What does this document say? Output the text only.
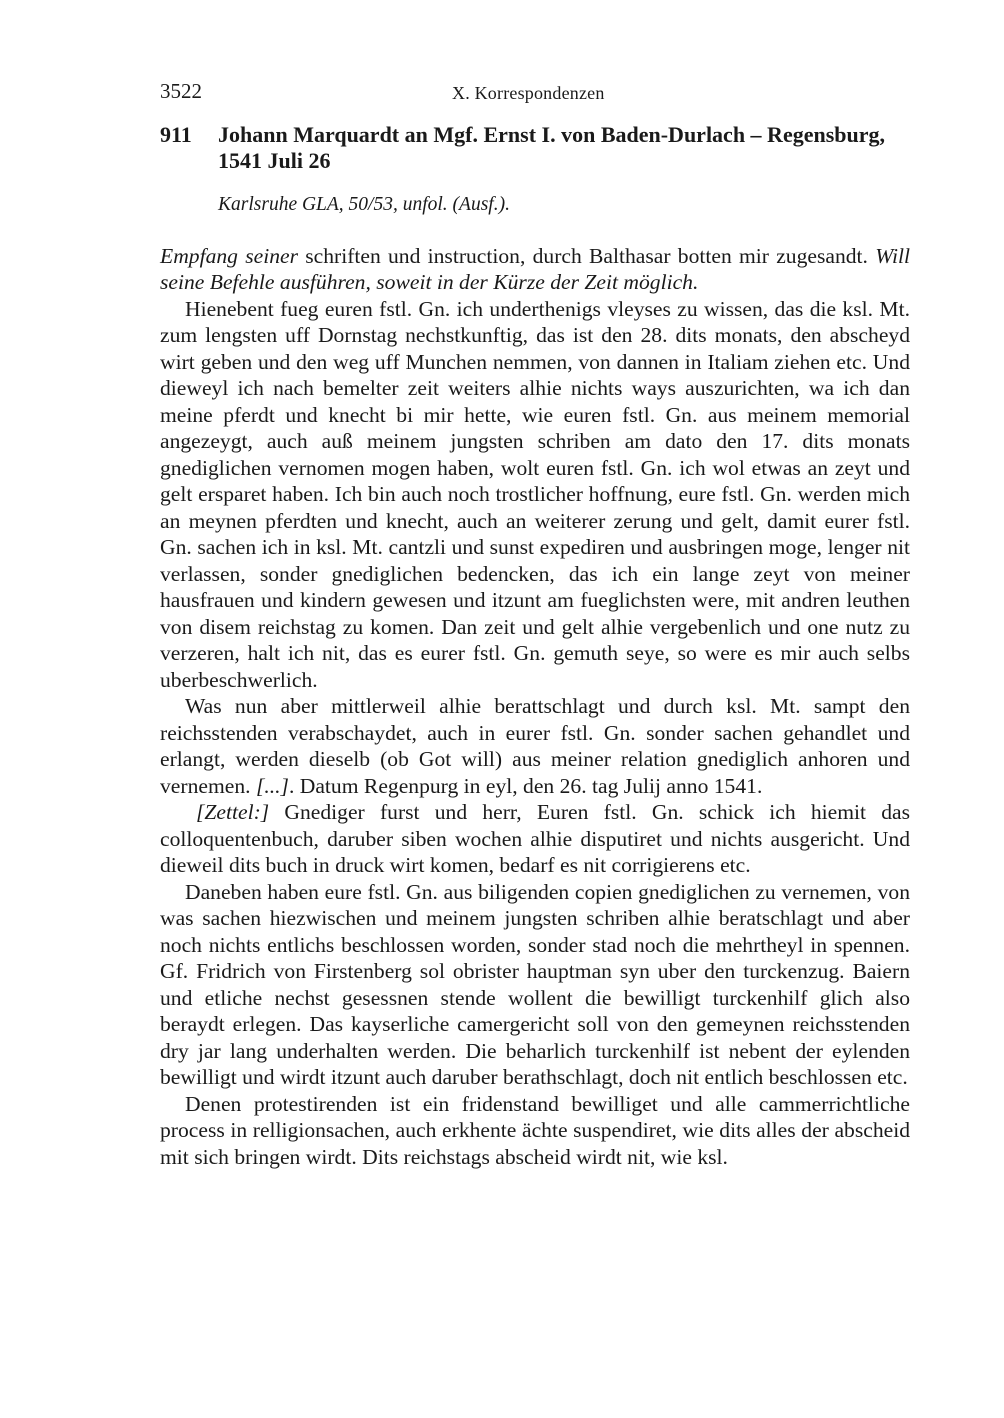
3522	X. Korrespondenzen
911	Johann Marquardt an Mgf. Ernst I. von Baden-Durlach – Regensburg, 1541 Juli 26
Karlsruhe GLA, 50/53, unfol. (Ausf.).

Empfang seiner schriften und instruction, durch Balthasar botten mir zugesandt. Will seine Befehle ausführen, soweit in der Kürze der Zeit möglich.

Hienebent fueg euren fstl. Gn. ich underthenigs vleyses zu wissen, das die ksl. Mt. zum lengsten uff Dornstag nechstkunftig, das ist den 28. dits monats, den abscheyd wirt geben und den weg uff Munchen nemmen, von dannen in Italiam ziehen etc. Und dieweyl ich nach bemelter zeit weiters alhie nichts ways auszurichten, wa ich dan meine pferdt und knecht bi mir hette, wie euren fstl. Gn. aus meinem memorial angezeygt, auch auß meinem jungsten schriben am dato den 17. dits monats gnediglichen vernomen mogen haben, wolt euren fstl. Gn. ich wol etwas an zeyt und gelt ersparet haben. Ich bin auch noch trostlicher hoffnung, eure fstl. Gn. werden mich an meynen pferdten und knecht, auch an weiterer zerung und gelt, damit eurer fstl. Gn. sachen ich in ksl. Mt. cantzli und sunst expediren und ausbringen moge, lenger nit verlassen, sonder gnediglichen bedencken, das ich ein lange zeyt von meiner hausfrauen und kindern gewesen und itzunt am fueglichsten were, mit andren leuthen von disem reichstag zu komen. Dan zeit und gelt alhie vergebenlich und one nutz zu verzeren, halt ich nit, das es eurer fstl. Gn. gemuth seye, so were es mir auch selbs uberbeschwerlich.

Was nun aber mittlerweil alhie berattschlagt und durch ksl. Mt. sampt den reichsstenden verabschaydet, auch in eurer fstl. Gn. sonder sachen gehandlet und erlangt, werden dieselb (ob Got will) aus meiner relation gnediglich anhoren und vernemen. [...]. Datum Regenpurg in eyl, den 26. tag Julij anno 1541.

[Zettel:] Gnediger furst und herr, Euren fstl. Gn. schick ich hiemit das colloquentenbuch, daruber siben wochen alhie disputiret und nichts ausgericht. Und dieweil dits buch in druck wirt komen, bedarf es nit corrigierens etc.

Daneben haben eure fstl. Gn. aus biligenden copien gnediglichen zu vernemen, von was sachen hiezwischen und meinem jungsten schriben alhie beratschlagt und aber noch nichts entlichs beschlossen worden, sonder stad noch die mehrtheyl in spennen. Gf. Fridrich von Firstenberg sol obrister hauptman syn uber den turckenzug. Baiern und etliche nechst gesessnen stende wollent die bewilligt turckenhilf glich also beraydt erlegen. Das kayserliche camergericht soll von den gemeynen reichsstenden dry jar lang underhalten werden. Die beharlich turckenhilf ist nebent der eylenden bewilligt und wirdt itzunt auch daruber berathschlagt, doch nit entlich beschlossen etc.

Denen protestirenden ist ein fridenstand bewilliget und alle cammerrichtliche process in relligionsachen, auch erkhente ächte suspendiret, wie dits alles der abscheid mit sich bringen wirdt. Dits reichstags abscheid wirdt nit, wie ksl.
